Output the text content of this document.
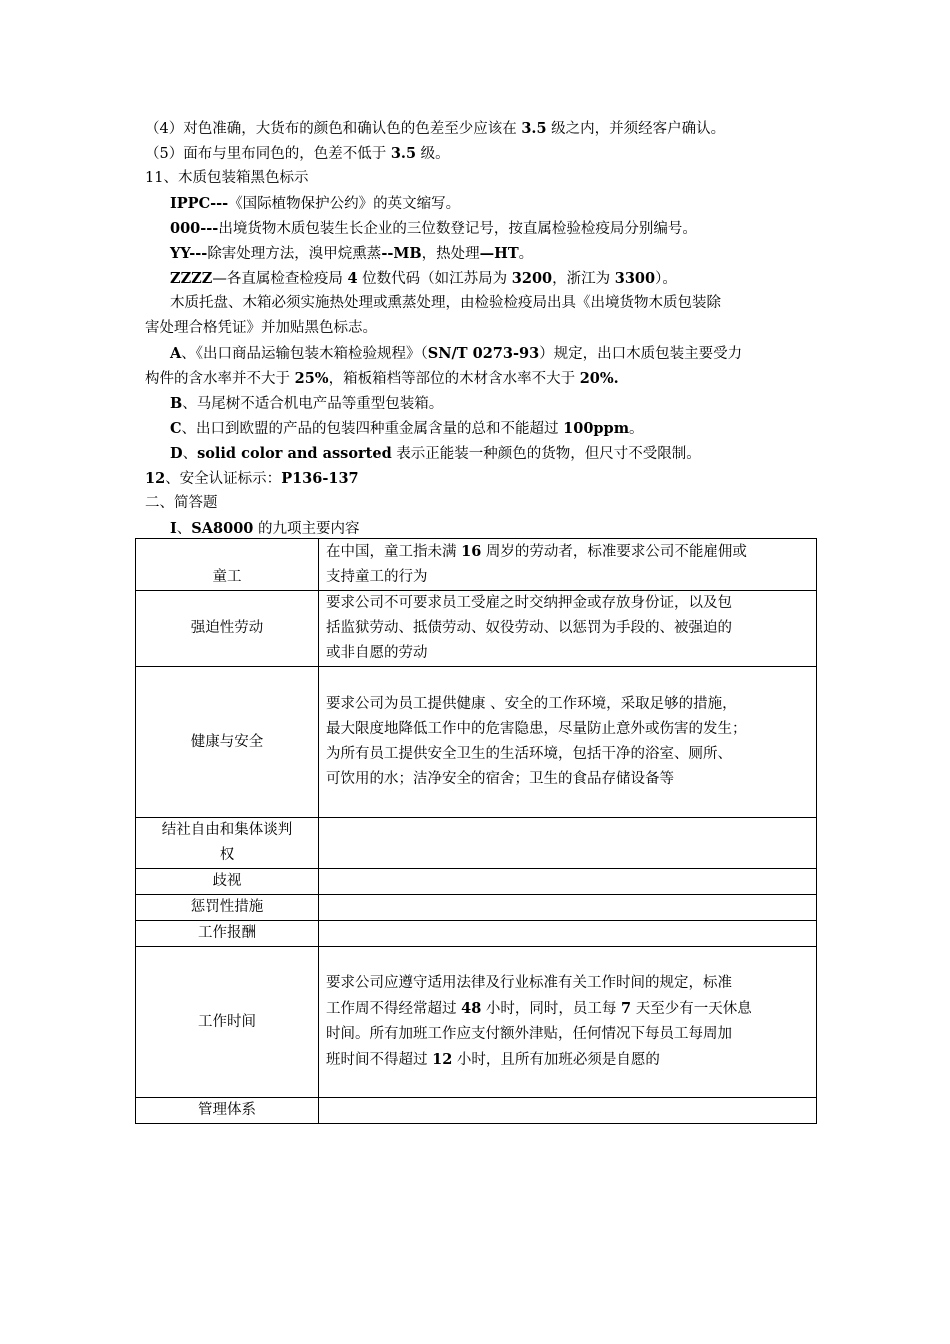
（4）对色准确，大货布的颜色和确认色的色差至少应该在 3.5 级之内，并须经客户确认。
（5）面布与里布同色的，色差不低于 3.5 级。
11、木质包装箱黑色标示
IPPC---《国际植物保护公约》的英文缩写。
000---出境货物木质包装生长企业的三位数登记号，按直属检验检疫局分别编号。
YY---除害处理方法，溴甲烷熏蒸--MB，热处理—HT。
ZZZZ—各直属检查检疫局 4 位数代码（如江苏局为 3200，浙江为 3300）。
木质托盘、木箱必须实施热处理或熏蒸处理，由检验检疫局出具《出境货物木质包装除
害处理合格凭证》并加贴黑色标志。
A、《出口商品运输包装木箱检验规程》（SN/T 0273-93）规定，出口木质包装主要受力
构件的含水率并不大于 25%，箱板箱档等部位的木材含水率不大于 20%.
B、马尾树不适合机电产品等重型包装箱。
C、出口到欧盟的产品的包装四种重金属含量的总和不能超过 100ppm。
D、solid color and assorted 表示正能装一种颜色的货物，但尺寸不受限制。
12、安全认证标示：P136-137
二、简答题
I、SA8000 的九项主要内容
童工	在中国，童工指未满 16 周岁的劳动者，标准要求公司不能雇佣或
支持童工的行为

强迫性劳动	要求公司不可要求员工受雇之时交纳押金或存放身份证，以及包
括监狱劳动、抵债劳动、奴役劳动、以惩罚为手段的、被强迫的
或非自愿的劳动

健康与安全	要求公司为员工提供健康 、安全的工作环境，采取足够的措施，
最大限度地降低工作中的危害隐患，尽量防止意外或伤害的发生；
为所有员工提供安全卫生的生活环境，包括干净的浴室、厕所、
可饮用的水；洁净安全的宿舍；卫生的食品存储设备等

结社自由和集体谈判
权	

歧视	
惩罚性措施	
工作报酬	
工作时间	要求公司应遵守适用法律及行业标准有关工作时间的规定，标准
工作周不得经常超过 48 小时，同时，员工每 7 天至少有一天休息
时间。所有加班工作应支付额外津贴，任何情况下每员工每周加
班时间不得超过 12 小时，且所有加班必须是自愿的

管理体系	
